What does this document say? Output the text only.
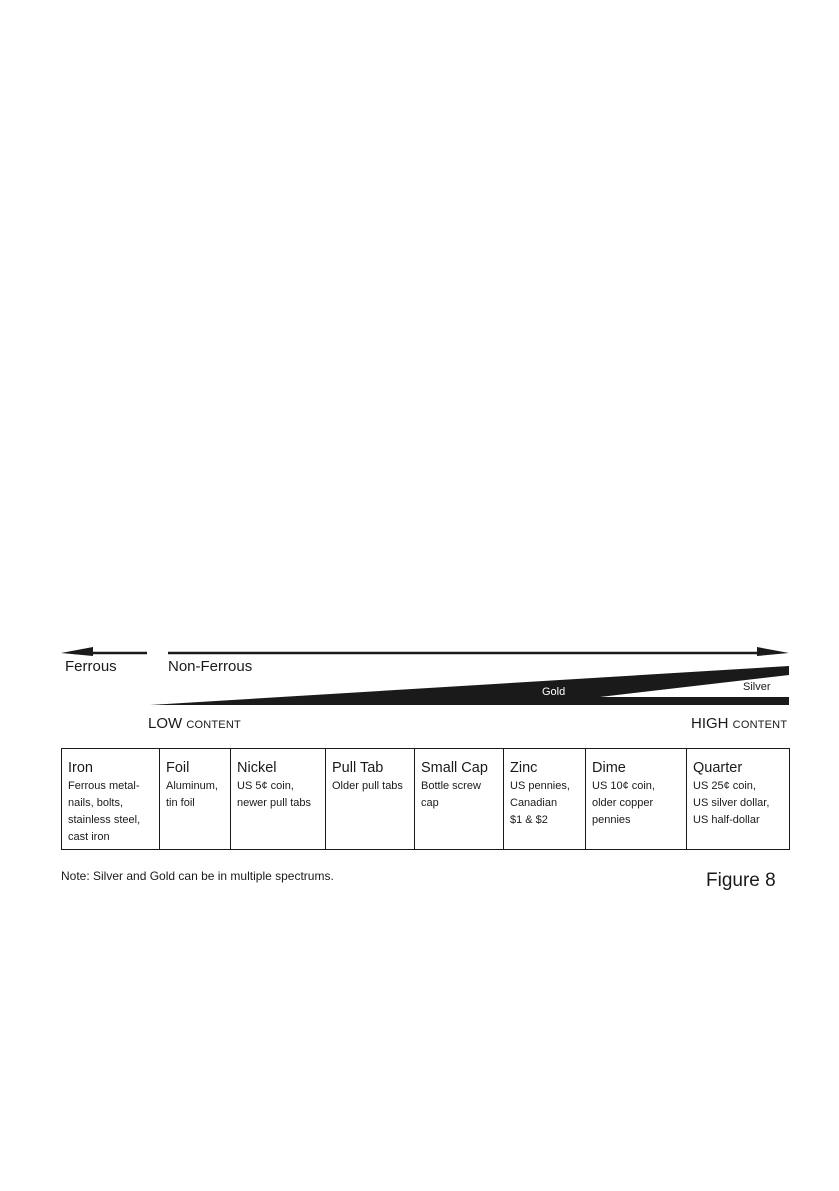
Ferrous	Non-Ferrous
Gold	Silver
LOW CONTENT	HIGH CONTENT
Iron
Ferrous metal-
nails, bolts,
stainless steel,
cast iron

Foil
Aluminum,
tin foil

Nickel
US 5¢ coin,
newer pull tabs

Pull Tab
Older pull tabs

Small Cap
Bottle screw
cap

Zinc
US pennies,
Canadian
$1 & $2

Dime
US 10¢ coin,
older copper
pennies

Quarter
US 25¢ coin,
US silver dollar,
US half-dollar
Note: Silver and Gold can be in multiple spectrums.	Figure 8
